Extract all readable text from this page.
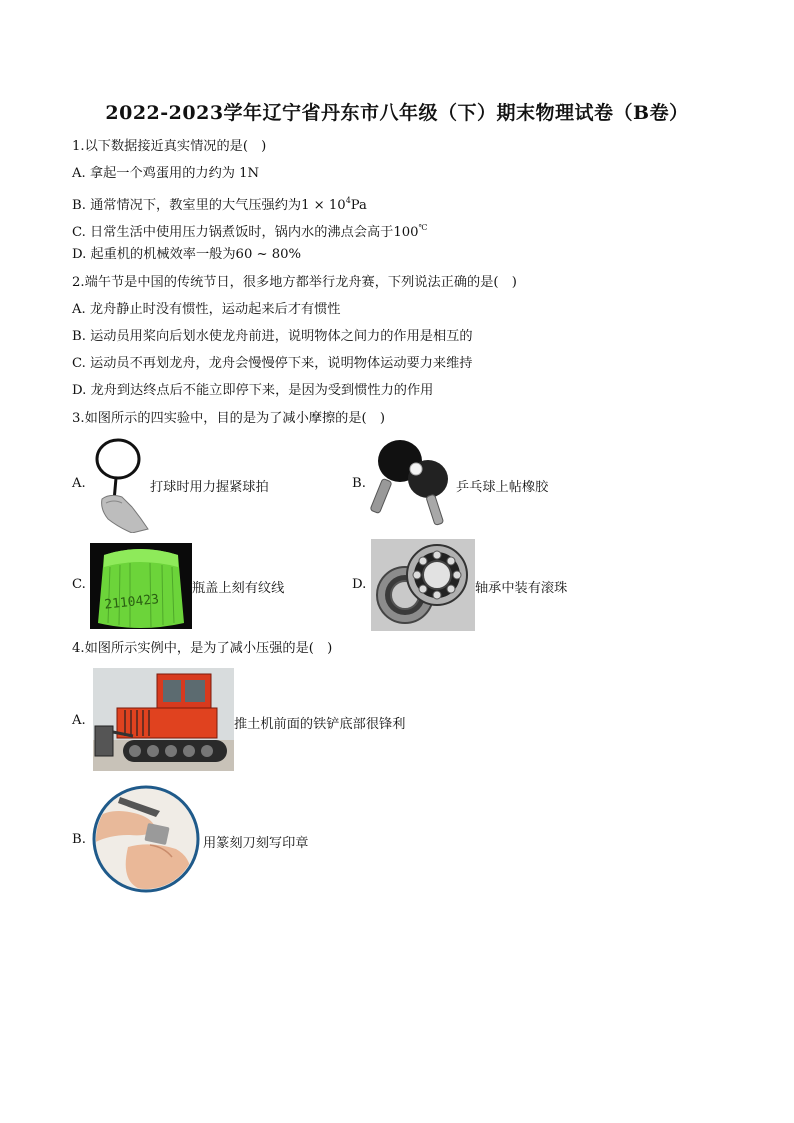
2022-2023学年辽宁省丹东市八年级（下）期末物理试卷（B卷）
1.以下数据接近真实情况的是(　)
A. 拿起一个鸡蛋用的力约为 1N
B. 通常情况下，教室里的大气压强约为$1 \times 10^4Pa$
C. 日常生活中使用压力锅煮饭时，锅内水的沸点会高于100℃
D. 起重机的机械效率一般为60 ~ 80%
2.端午节是中国的传统节日，很多地方都举行龙舟赛，下列说法正确的是(　)
A. 龙舟静止时没有惯性，运动起来后才有惯性
B. 运动员用桨向后划水使龙舟前进，说明物体之间力的作用是相互的
C. 运动员不再划龙舟，龙舟会慢慢停下来，说明物体运动要力来维持
D. 龙舟到达终点后不能立即停下来，是因为受到惯性力的作用
3.如图所示的四实验中，目的是为了减小摩擦的是(　)
A.	打球时用力握紧球拍	B.	乒乓球上帖橡胶
C.
2110423
瓶盖上刻有纹线	D.	轴承中装有滚珠
4.如图所示实例中，是为了减小压强的是(　)
A.	推土机前面的铁铲底部很锋利
B.	用篆刻刀刻写印章
